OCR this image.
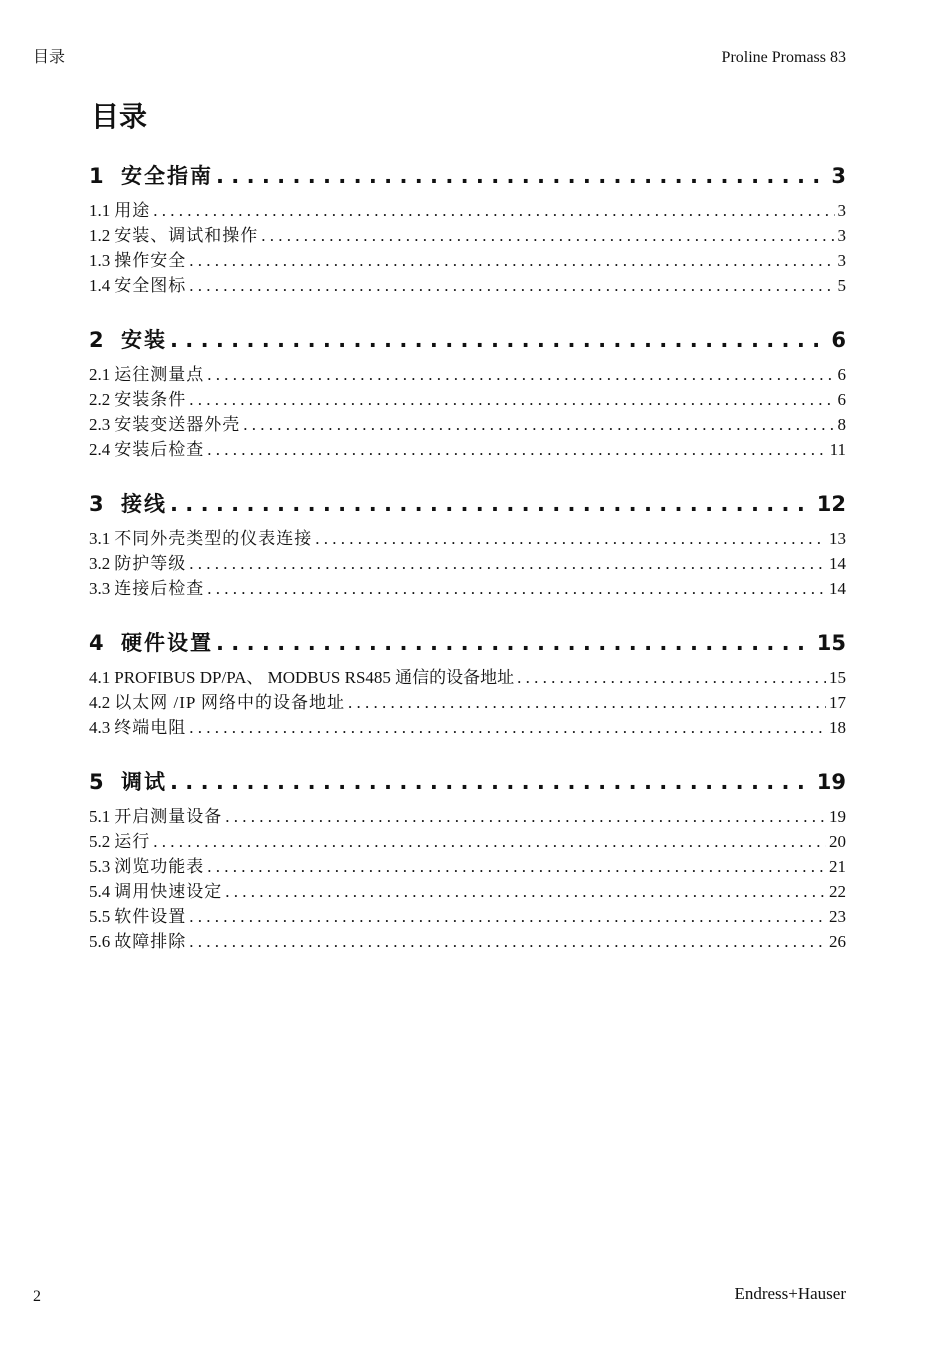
目录	Proline Promass 83
目录
1 安全指南 . . .	3
1.1 用途 . . .	3
1.2 安装、调试和操作 . . .	3
1.3 操作安全 . . .	3
1.4 安全图标 . . .	5
2 安装 . . .	6
2.1 运往测量点 . . .	6
2.2 安装条件 . . .	6
2.3 安装变送器外壳 . . .	8
2.4 安装后检查 . . .	11
3 接线 . . .	12
3.1 不同外壳类型的仪表连接 . . .	13
3.2 防护等级 . . .	14
3.3 连接后检查 . . .	14
4 硬件设置 . . .	15
4.1 PROFIBUS DP/PA、 MODBUS RS485 通信的设备地址 . . .	15
4.2 以太网 /IP 网络中的设备地址 . . .	17
4.3 终端电阻 . . .	18
5 调试 . . .	19
5.1 开启测量设备 . . .	19
5.2 运行 . . .	20
5.3 浏览功能表 . . .	21
5.4 调用快速设定 . . .	22
5.5 软件设置 . . .	23
5.6 故障排除 . . .	26
2	Endress+Hauser
